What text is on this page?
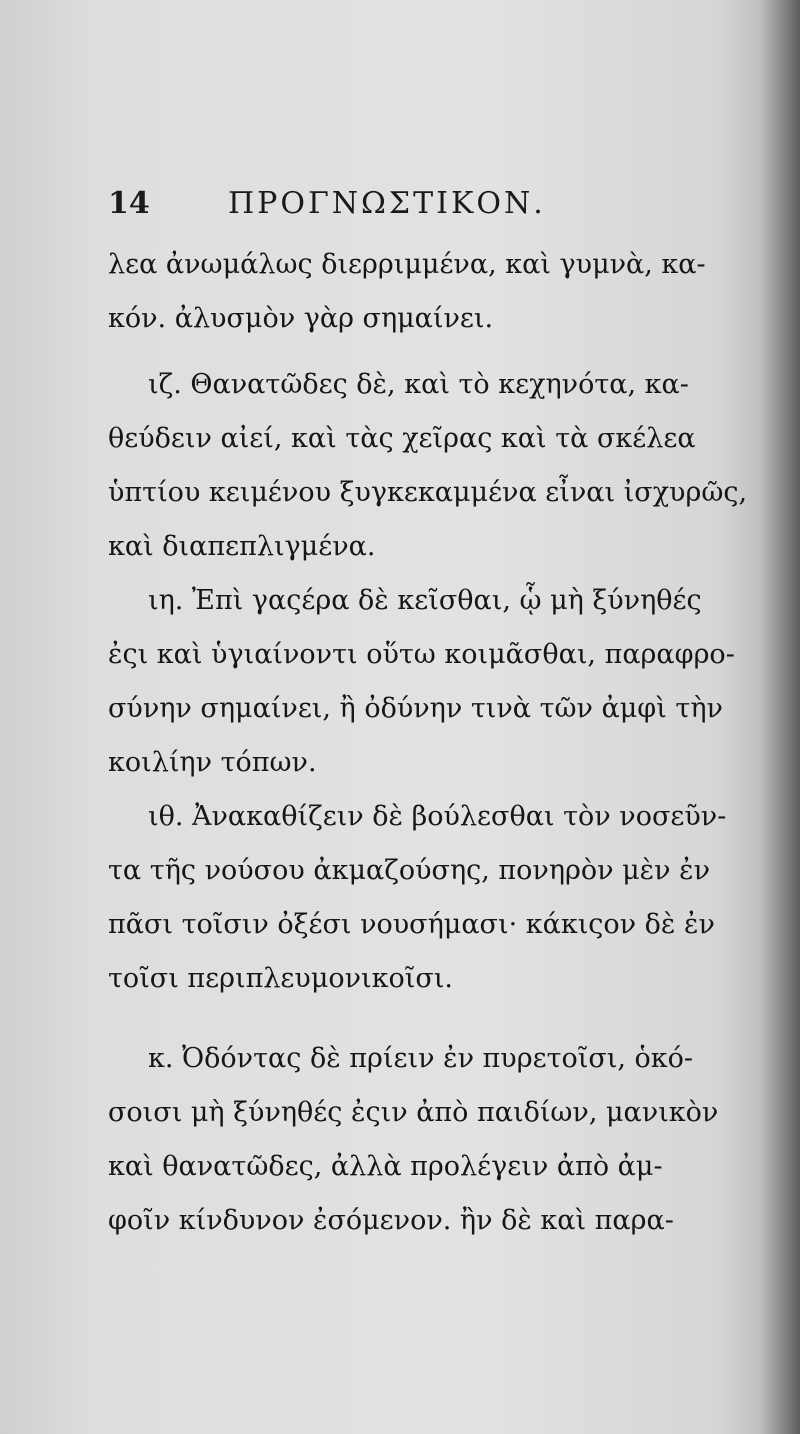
14	ΠΡΟΓΝΩΣΤΙΚΟΝ.
λεα ἀνωμάλως διερριμμένα, καὶ γυμνὰ, κα-
κόν. ἀλυσμὸν γὰρ σημαίνει.
ιζ. Θανατῶδες δὲ, καὶ τὸ κεχηνότα, κα-
θεύδειν αἰεί, καὶ τὰς χεῖρας καὶ τὰ σκέλεα
ὑπτίου κειμένου ξυγκεκαμμένα εἶναι ἰσχυρῶς,
καὶ διαπεπλιγμένα.
ιη. Ἐπὶ γαςέρα δὲ κεῖσθαι, ᾧ μὴ ξύνηθές
ἐςι καὶ ὑγιαίνοντι οὕτω κοιμᾶσθαι, παραφρο-
σύνην σημαίνει, ἢ ὀδύνην τινὰ τῶν ἀμφὶ τὴν
κοιλίην τόπων.
ιθ. Ἀνακαθίζειν δὲ βούλεσθαι τὸν νοσεῦν-
τα τῆς νούσου ἀκμαζούσης, πονηρὸν μὲν ἐν
πᾶσι τοῖσιν ὀξέσι νουσήμασι· κάκιςον δὲ ἐν
τοῖσι περιπλευμονικοῖσι.
κ. Ὀδόντας δὲ πρίειν ἐν πυρετοῖσι, ὁκό-
σοισι μὴ ξύνηθές ἐςιν ἀπὸ παιδίων, μανικὸν
καὶ θανατῶδες, ἀλλὰ προλέγειν ἀπὸ ἀμ-
φοῖν κίνδυνον ἐσόμενον. ἢν δὲ καὶ παρα-
